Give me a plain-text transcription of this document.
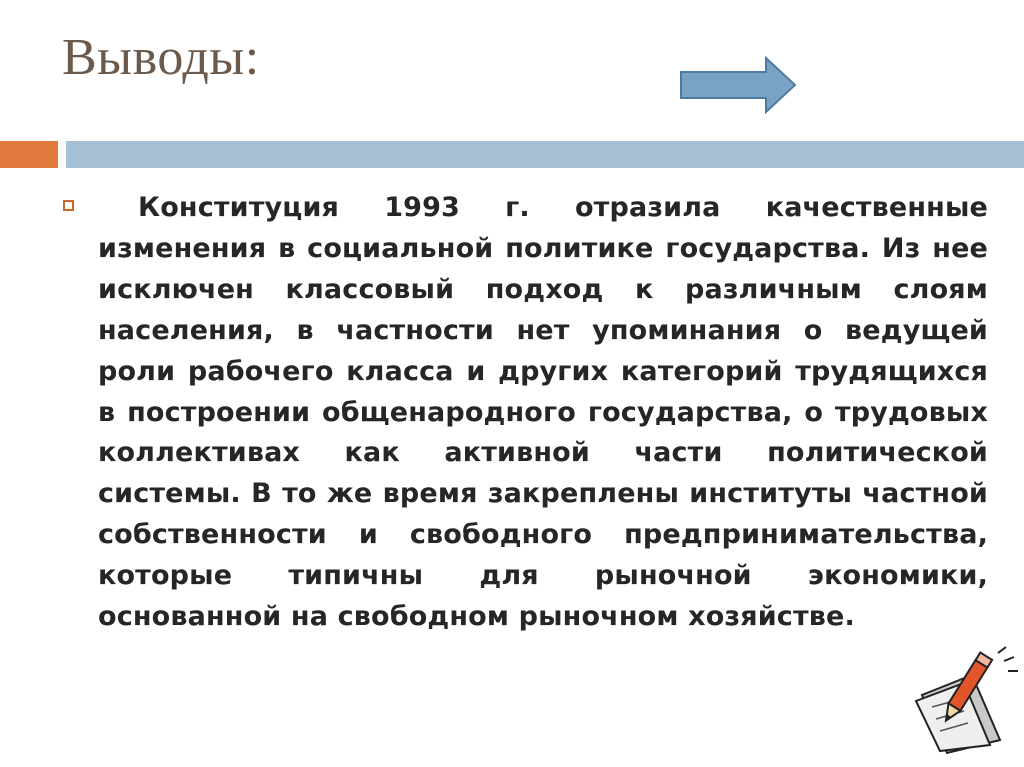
Выводы:

Конституция 1993 г. отразила качественные изменения в социальной политике государства. Из нее исключен классовый подход к различным слоям населения, в частности нет упоминания о ведущей роли рабочего класса и других категорий трудящихся в построении общенародного государства, о трудовых коллективах как активной части политической системы. В то же время закреплены институты частной собственности и свободного предпринимательства, которые типичны для рыночной экономики, основанной на свободном рыночном хозяйстве.
